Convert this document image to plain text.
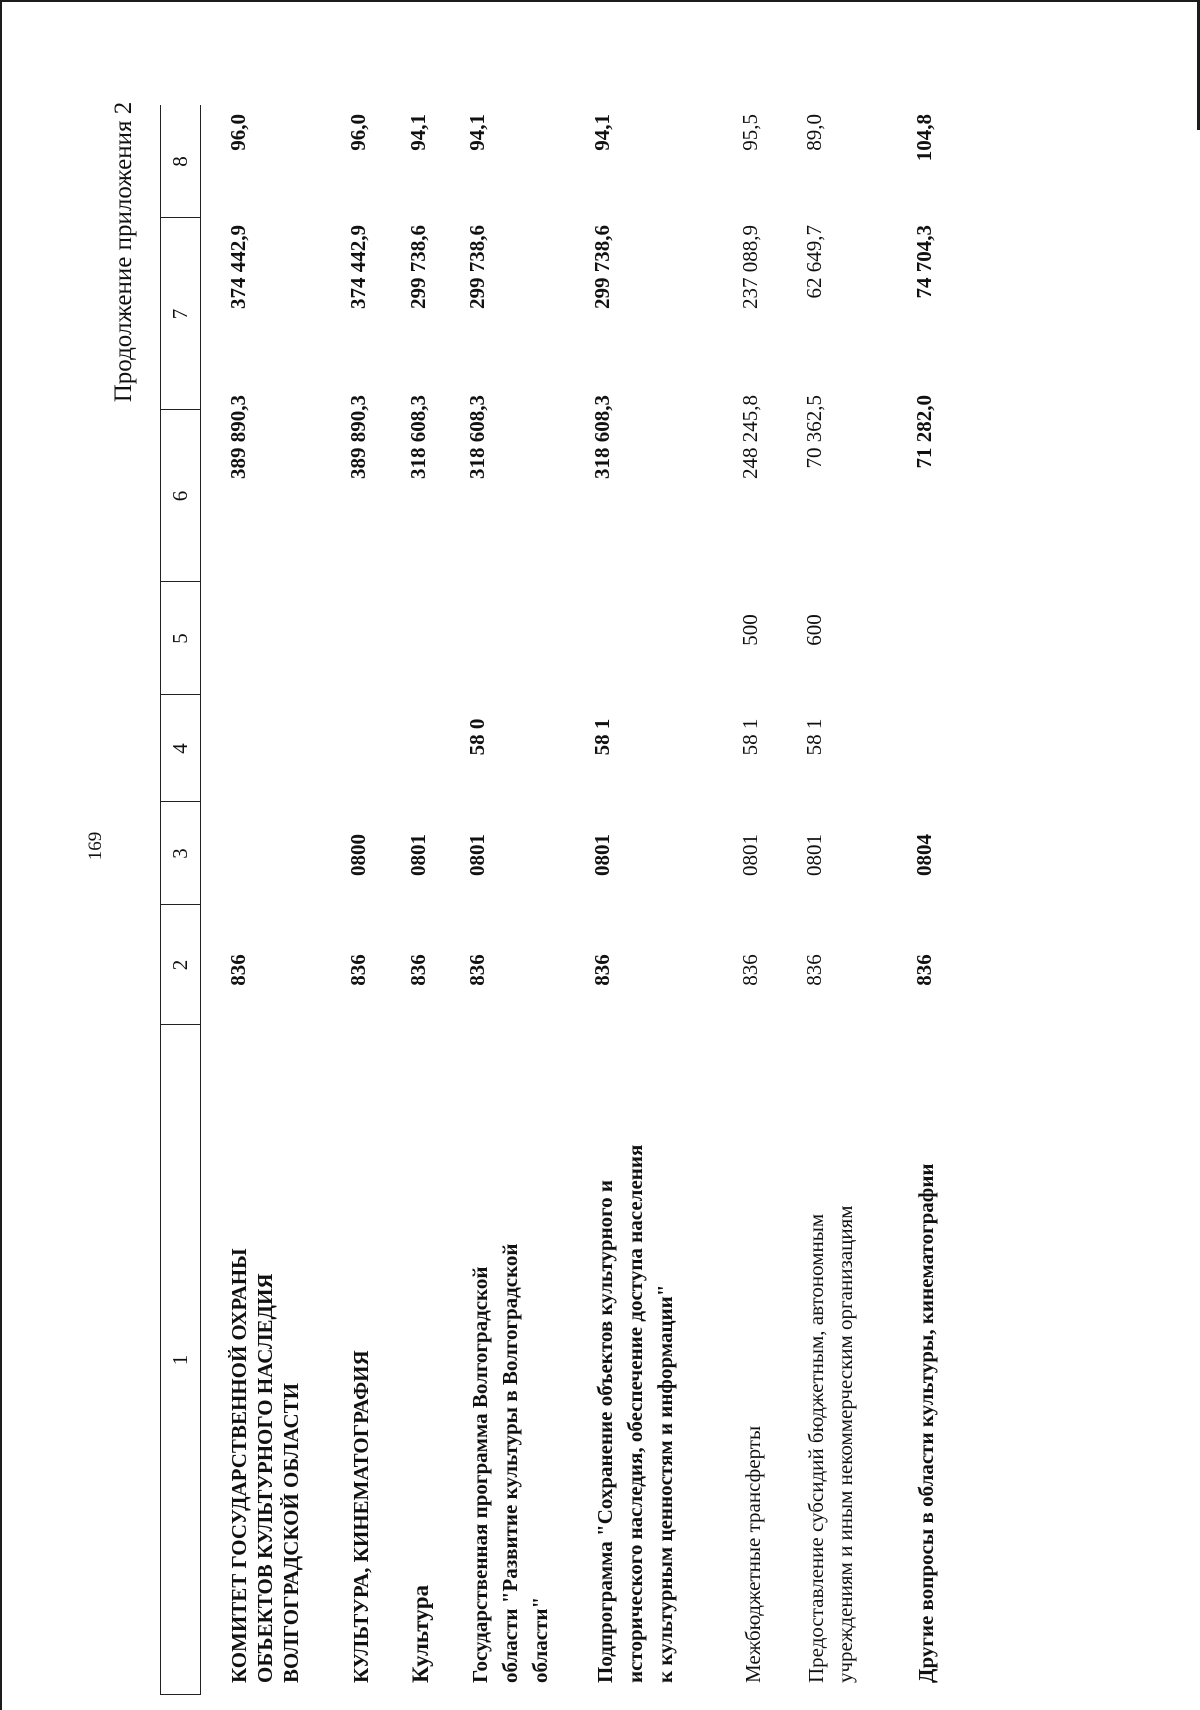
169
Продолжение приложения 2
1
2
3
4
5
6
7
8
КОМИТЕТ ГОСУДАРСТВЕННОЙ ОХРАНЫ ОБЪЕКТОВ КУЛЬТУРНОГО НАСЛЕДИЯ ВОЛГОГРАДСКОЙ ОБЛАСТИ
836
389 890,3
374 442,9
96,0
КУЛЬТУРА, КИНЕМАТОГРАФИЯ
836
0800
389 890,3
374 442,9
96,0
Культура
836
0801
318 608,3
299 738,6
94,1
Государственная программа Волгоградской области "Развитие культуры в Волгоградской области"
836
0801
58 0
318 608,3
299 738,6
94,1
Подпрограмма "Сохранение объектов культурного и исторического наследия, обеспечение доступа населения к культурным ценностям и информации"
836
0801
58 1
318 608,3
299 738,6
94,1
Межбюджетные трансферты
836
0801
58 1
500
248 245,8
237 088,9
95,5
Предоставление субсидий бюджетным, автономным учреждениям и иным некоммерческим организациям
836
0801
58 1
600
70 362,5
62 649,7
89,0
Другие вопросы в области культуры, кинематографии
836
0804
71 282,0
74 704,3
104,8
